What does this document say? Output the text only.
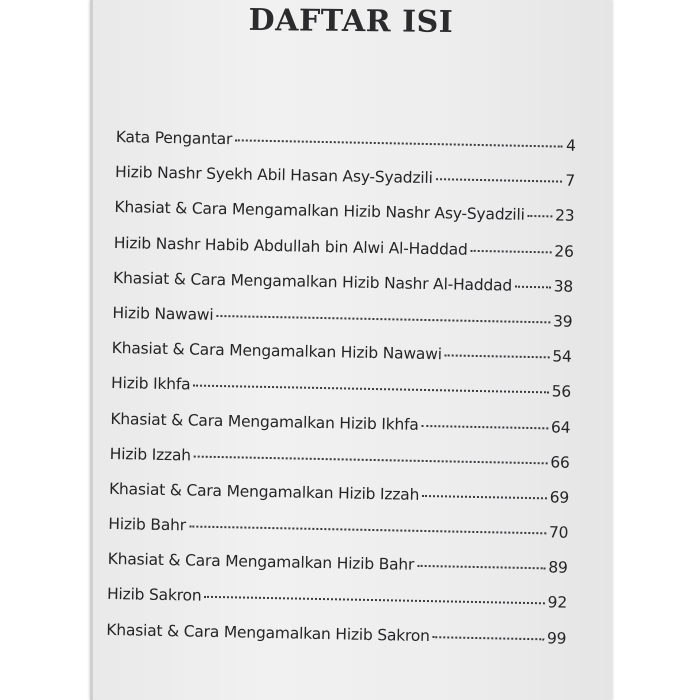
DAFTAR ISI
Kata Pengantar	4
Hizib Nashr Syekh Abil Hasan Asy-Syadzili	7
Khasiat & Cara Mengamalkan Hizib Nashr Asy-Syadzili 23
Hizib Nashr Habib Abdullah bin Alwi Al-Haddad	26
Khasiat & Cara Mengamalkan Hizib Nashr Al-Haddad	38
Hizib Nawawi	39
Khasiat & Cara Mengamalkan Hizib Nawawi	54
Hizib Ikhfa	56
Khasiat & Cara Mengamalkan Hizib Ikhfa	64
Hizib Izzah	66
Khasiat & Cara Mengamalkan Hizib Izzah	69
Hizib Bahr	70
Khasiat & Cara Mengamalkan Hizib Bahr	89
Hizib Sakron	92
Khasiat & Cara Mengamalkan Hizib Sakron	99
